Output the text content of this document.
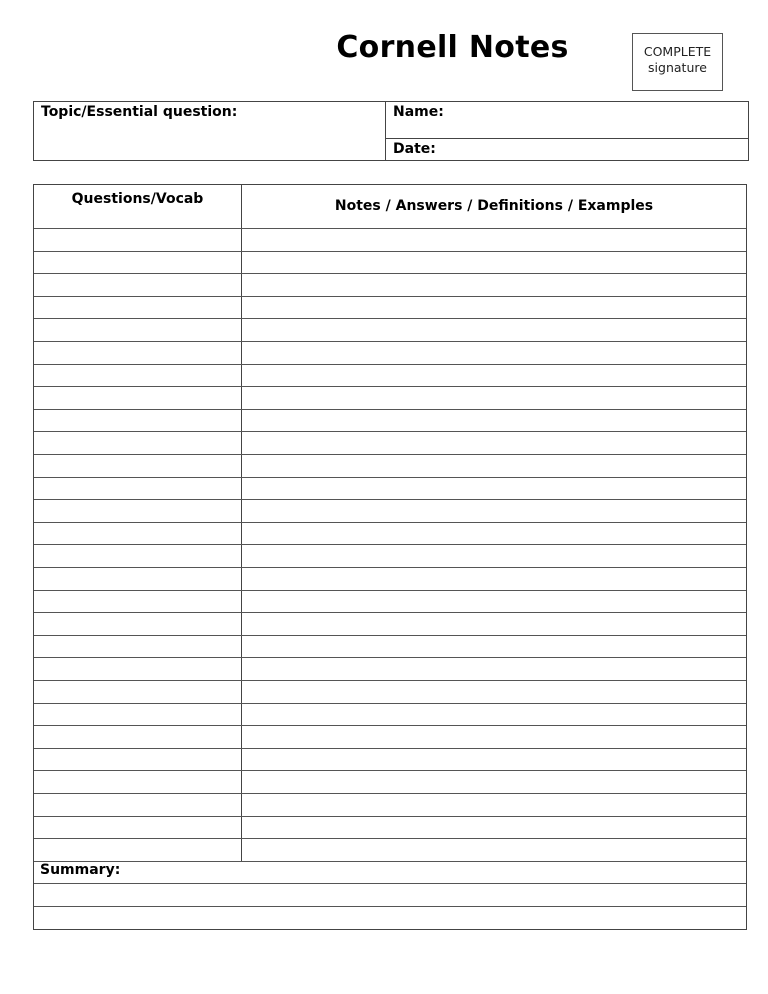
Cornell Notes	COMPLETE
signature
Topic/Essential question:	Name:
Date:
Questions/Vocab	Notes / Answers / Definitions / Examples
Summary:
